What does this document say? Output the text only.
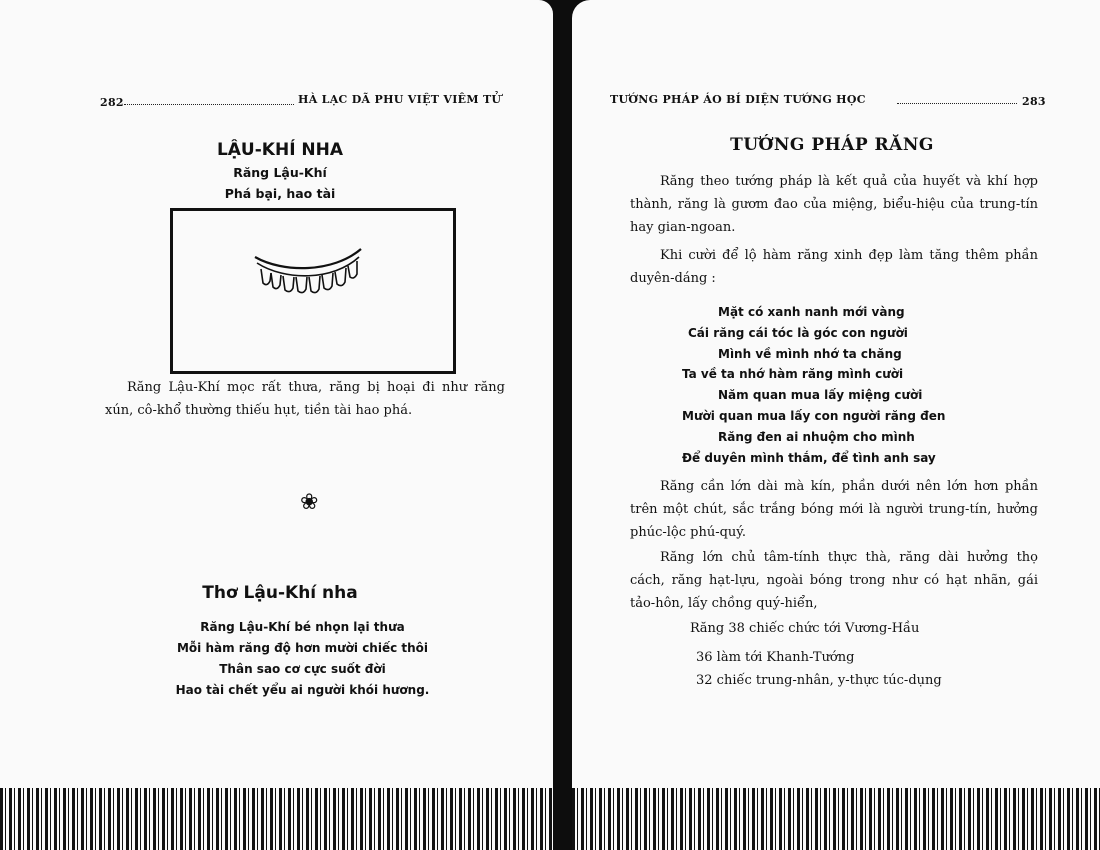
282	HÀ LẠC DÃ PHU VIỆT VIÊM TỬ
LẬU-KHÍ NHA
Răng Lậu-Khí
Phá bại, hao tài
Răng Lậu-Khí mọc rất thưa, răng bị hoại đi như răng xún, cô-khổ thường thiếu hụt, tiền tài hao phá.
❀
Thơ Lậu-Khí nha
Răng Lậu-Khí bé nhọn lại thưa
Mỗi hàm răng độ hơn mười chiếc thôi
Thân sao cơ cực suốt đời
Hao tài chết yểu ai người khói hương.
TƯỚNG PHÁP ÁO BÍ DIỆN TƯỚNG HỌC	283
TƯỚNG PHÁP RĂNG
Răng theo tướng pháp là kết quả của huyết và khí hợp thành, răng là gươm đao của miệng, biểu-hiệu của trung-tín hay gian-ngoan.
Khi cười để lộ hàm răng xinh đẹp làm tăng thêm phần duyên-dáng :
Mặt có xanh nanh mới vàng
Cái răng cái tóc là góc con người
Mình về mình nhớ ta chăng
Ta về ta nhớ hàm răng mình cười
Năm quan mua lấy miệng cười
Mười quan mua lấy con người răng đen
Răng đen ai nhuộm cho mình
Để duyên mình thắm, để tình anh say
Răng cần lớn dài mà kín, phần dưới nên lớn hơn phần trên một chút, sắc trắng bóng mới là người trung-tín, hưởng phúc-lộc phú-quý.
Răng lớn chủ tâm-tính thực thà, răng dài hưởng thọ cách, răng hạt-lựu, ngoài bóng trong như có hạt nhãn, gái tảo-hôn, lấy chồng quý-hiển,
Răng 38 chiếc chức tới Vương-Hầu
36 làm tới Khanh-Tướng
32 chiếc trung-nhân, y-thực túc-dụng
